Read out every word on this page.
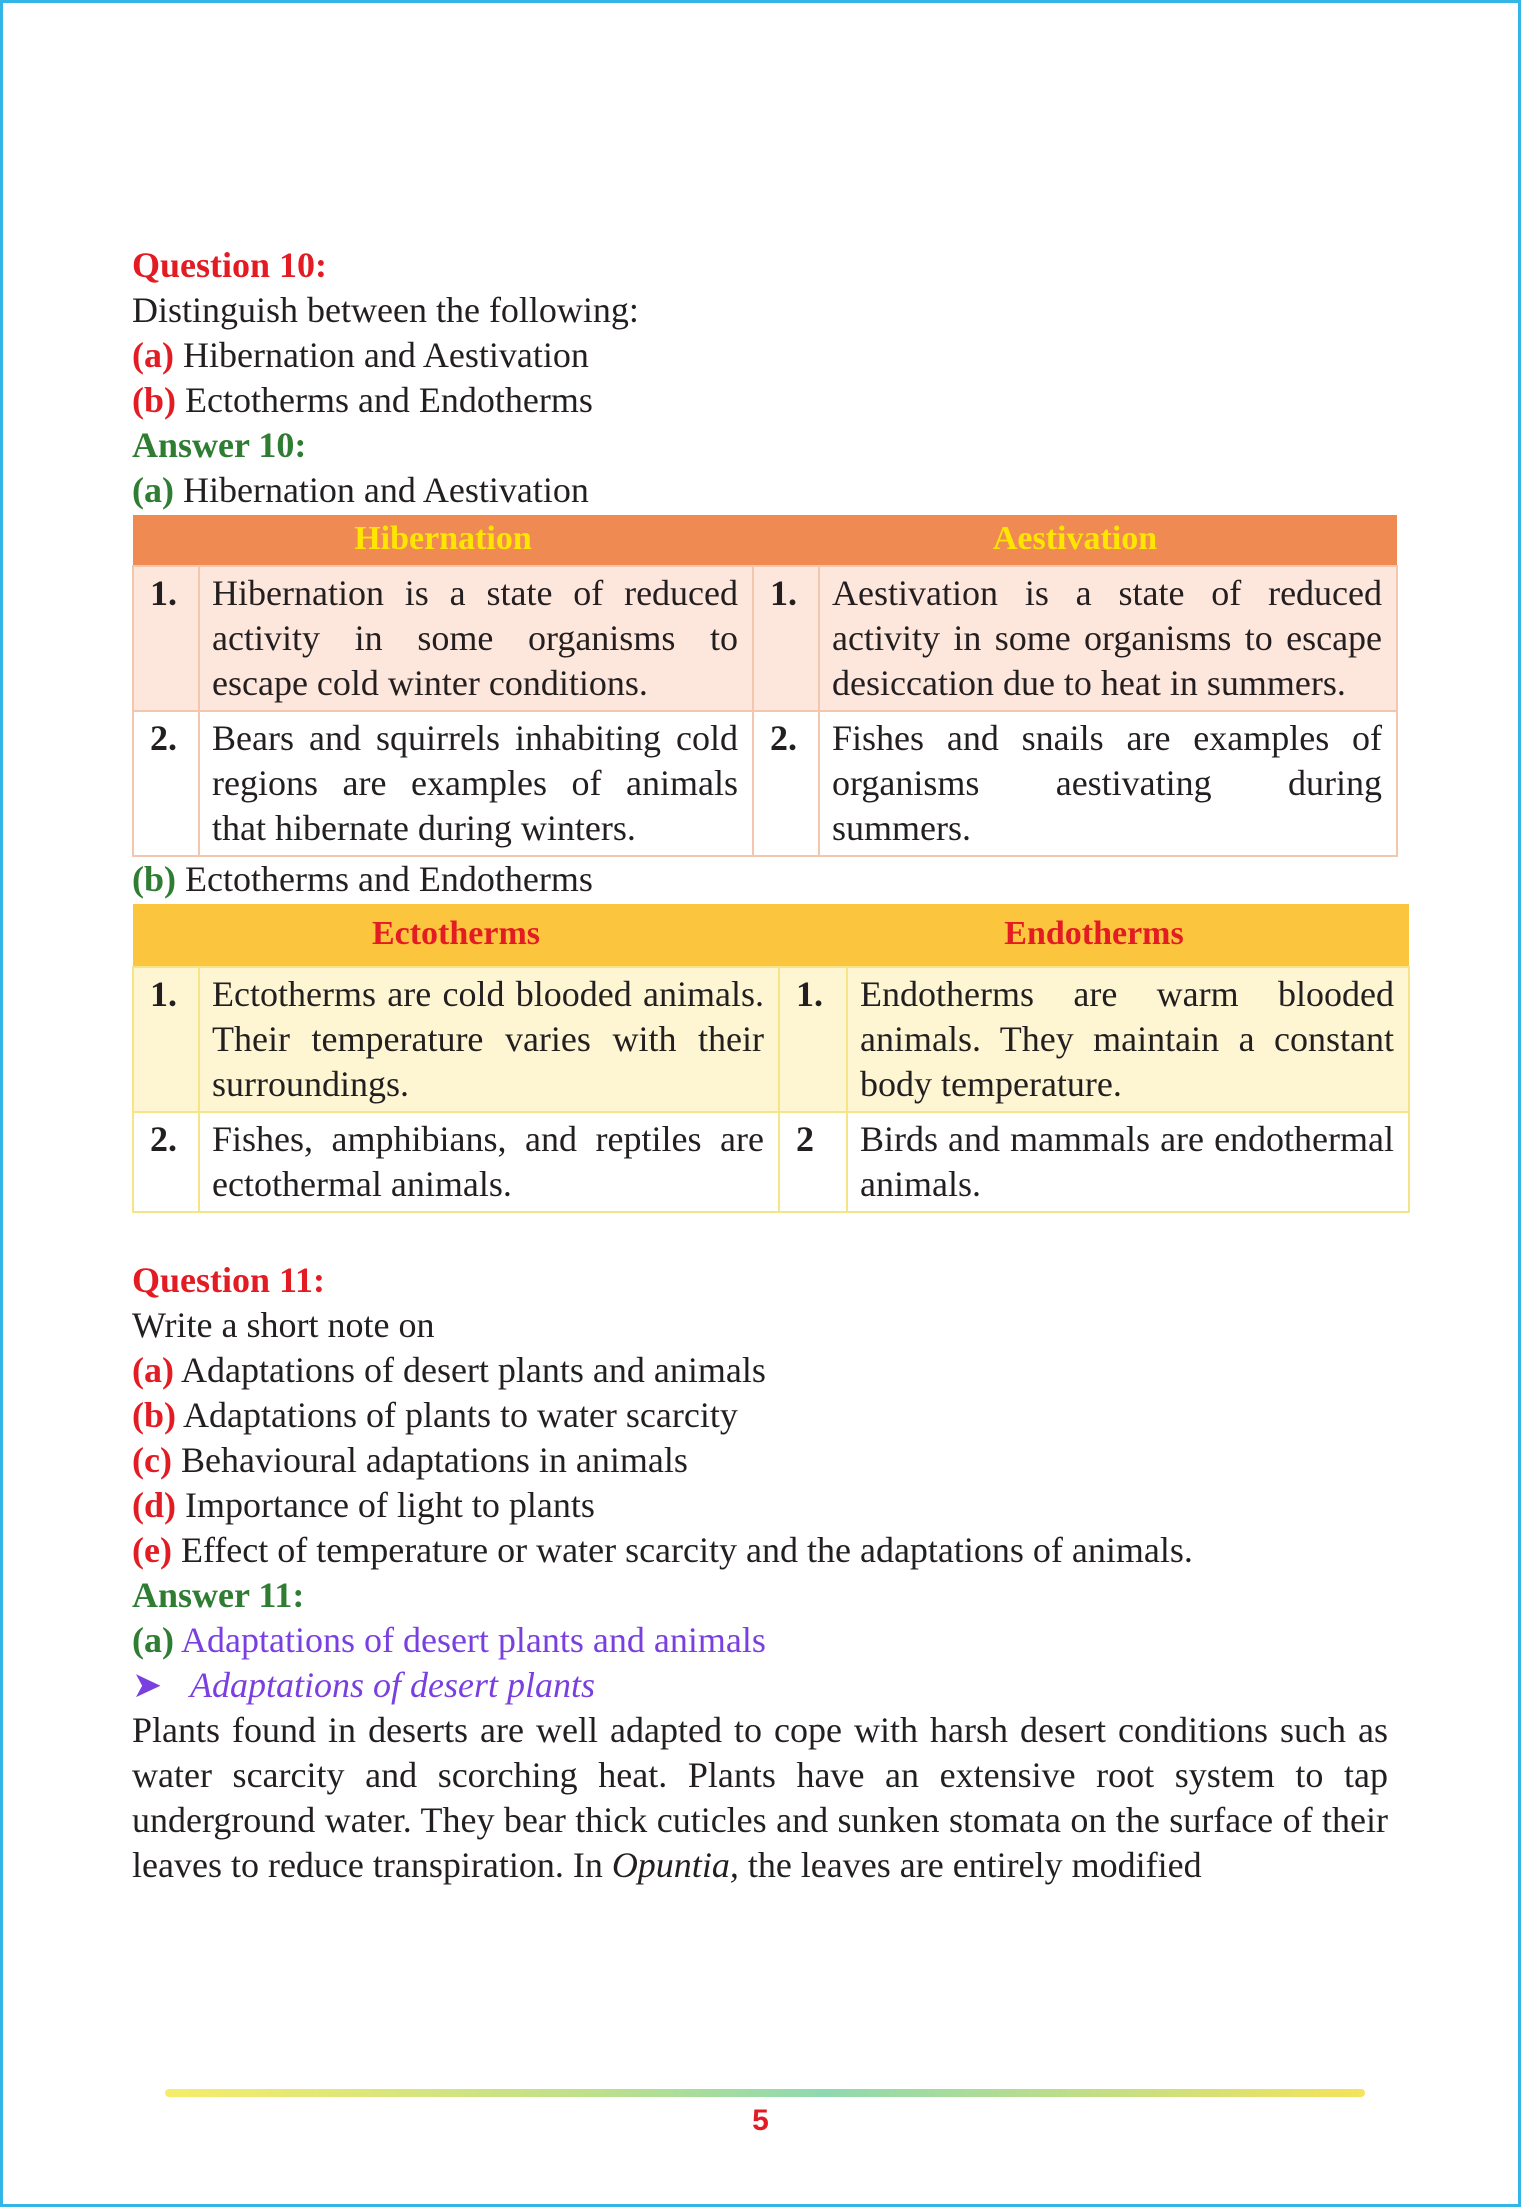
Question 10:
Distinguish between the following:
(a) Hibernation and Aestivation
(b) Ectotherms and Endotherms
Answer 10:
(a) Hibernation and Aestivation
Hibernation		Aestivation	
1.	Hibernation is a state of reduced activity in some organisms to escape cold winter conditions.	1.	Aestivation is a state of reduced activity in some organisms to escape desiccation due to heat in summers.
2.	Bears and squirrels inhabiting cold regions are examples of animals that hibernate during winters.	2.	Fishes and snails are examples of organisms aestivating during summers.
(b) Ectotherms and Endotherms
Ectotherms		Endotherms	
1.	Ectotherms are cold blooded animals. Their temperature varies with their surroundings.	1.	Endotherms are warm blooded animals. They maintain a constant body temperature.
2.	Fishes, amphibians, and reptiles are ectothermal animals.	2	Birds and mammals are endothermal animals.
Question 11:
Write a short note on
(a) Adaptations of desert plants and animals
(b) Adaptations of plants to water scarcity
(c) Behavioural adaptations in animals
(d) Importance of light to plants
(e) Effect of temperature or water scarcity and the adaptations of animals.
Answer 11:
(a) Adaptations of desert plants and animals
➤ Adaptations of desert plants
Plants found in deserts are well adapted to cope with harsh desert conditions such as water scarcity and scorching heat. Plants have an extensive root system to tap underground water. They bear thick cuticles and sunken stomata on the surface of their leaves to reduce transpiration. In Opuntia, the leaves are entirely modified
5
